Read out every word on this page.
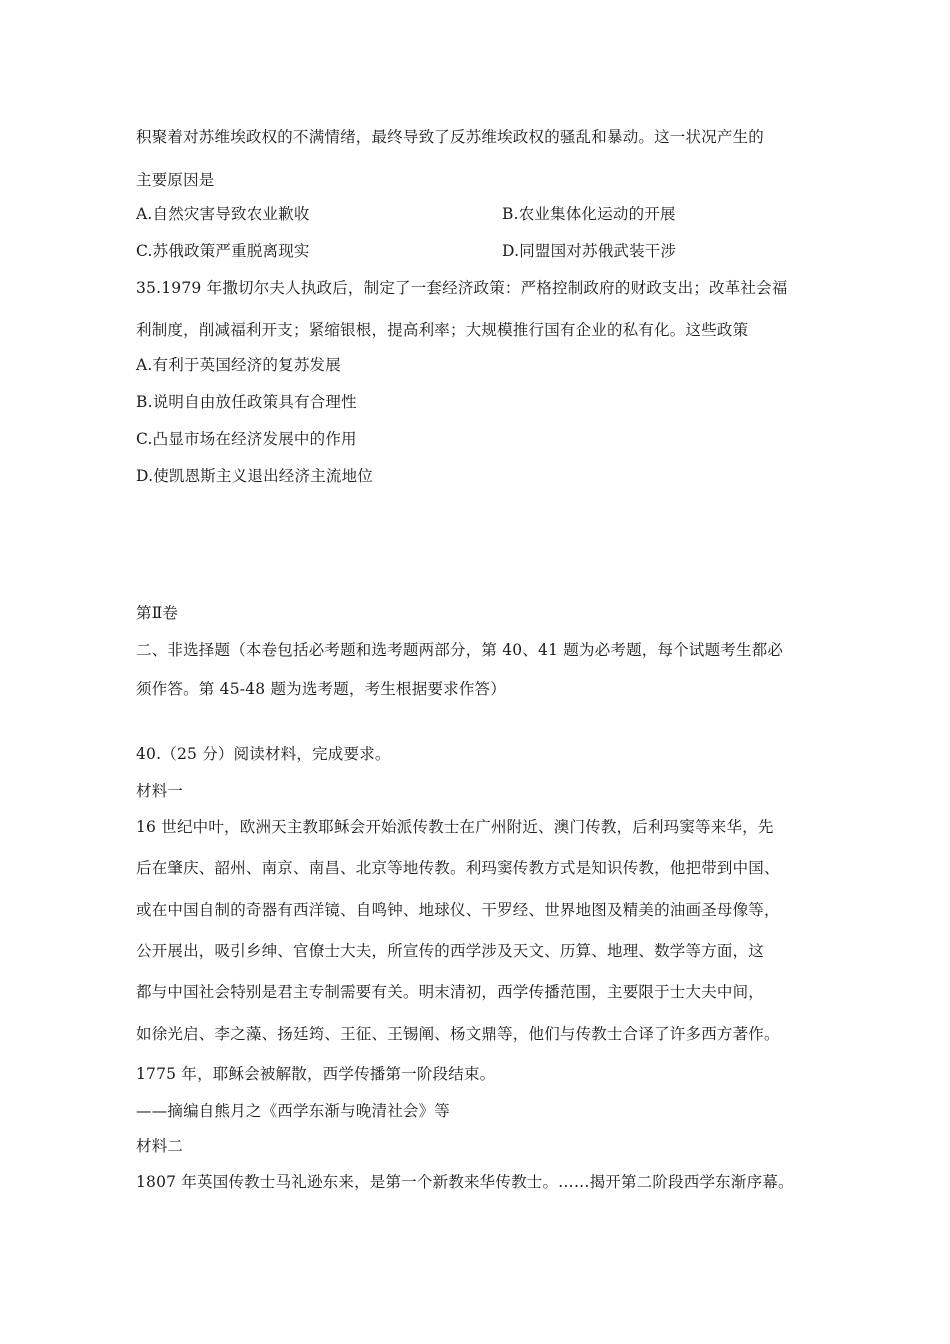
积聚着对苏维埃政权的不满情绪，最终导致了反苏维埃政权的骚乱和暴动。这一状况产生的
主要原因是
A.自然灾害导致农业歉收	B.农业集体化运动的开展
C.苏俄政策严重脱离现实	D.同盟国对苏俄武装干涉
35.1979 年撒切尔夫人执政后，制定了一套经济政策：严格控制政府的财政支出；改革社会福
利制度，削减福利开支；紧缩银根，提高利率；大规模推行国有企业的私有化。这些政策
A.有利于英国经济的复苏发展
B.说明自由放任政策具有合理性
C.凸显市场在经济发展中的作用
D.使凯恩斯主义退出经济主流地位
第Ⅱ卷
二、非选择题（本卷包括必考题和选考题两部分，第 40、41 题为必考题，每个试题考生都必
须作答。第 45-48 题为选考题，考生根据要求作答）
40.（25 分）阅读材料，完成要求。
材料一
16 世纪中叶，欧洲天主教耶稣会开始派传教士在广州附近、澳门传教，后利玛窦等来华，先
后在肇庆、韶州、南京、南昌、北京等地传教。利玛窦传教方式是知识传教，他把带到中国、
或在中国自制的奇器有西洋镜、自鸣钟、地球仪、干罗经、世界地图及精美的油画圣母像等，
公开展出，吸引乡绅、官僚士大夫，所宣传的西学涉及天文、历算、地理、数学等方面，这
都与中国社会特别是君主专制需要有关。明末清初，西学传播范围，主要限于士大夫中间，
如徐光启、李之藻、扬廷筠、王征、王锡阐、杨文鼎等，他们与传教士合译了许多西方著作。
1775 年，耶稣会被解散，西学传播第一阶段结束。
——摘编自熊月之《西学东渐与晚清社会》等
材料二
1807 年英国传教士马礼逊东来，是第一个新教来华传教士。……揭开第二阶段西学东渐序幕。
